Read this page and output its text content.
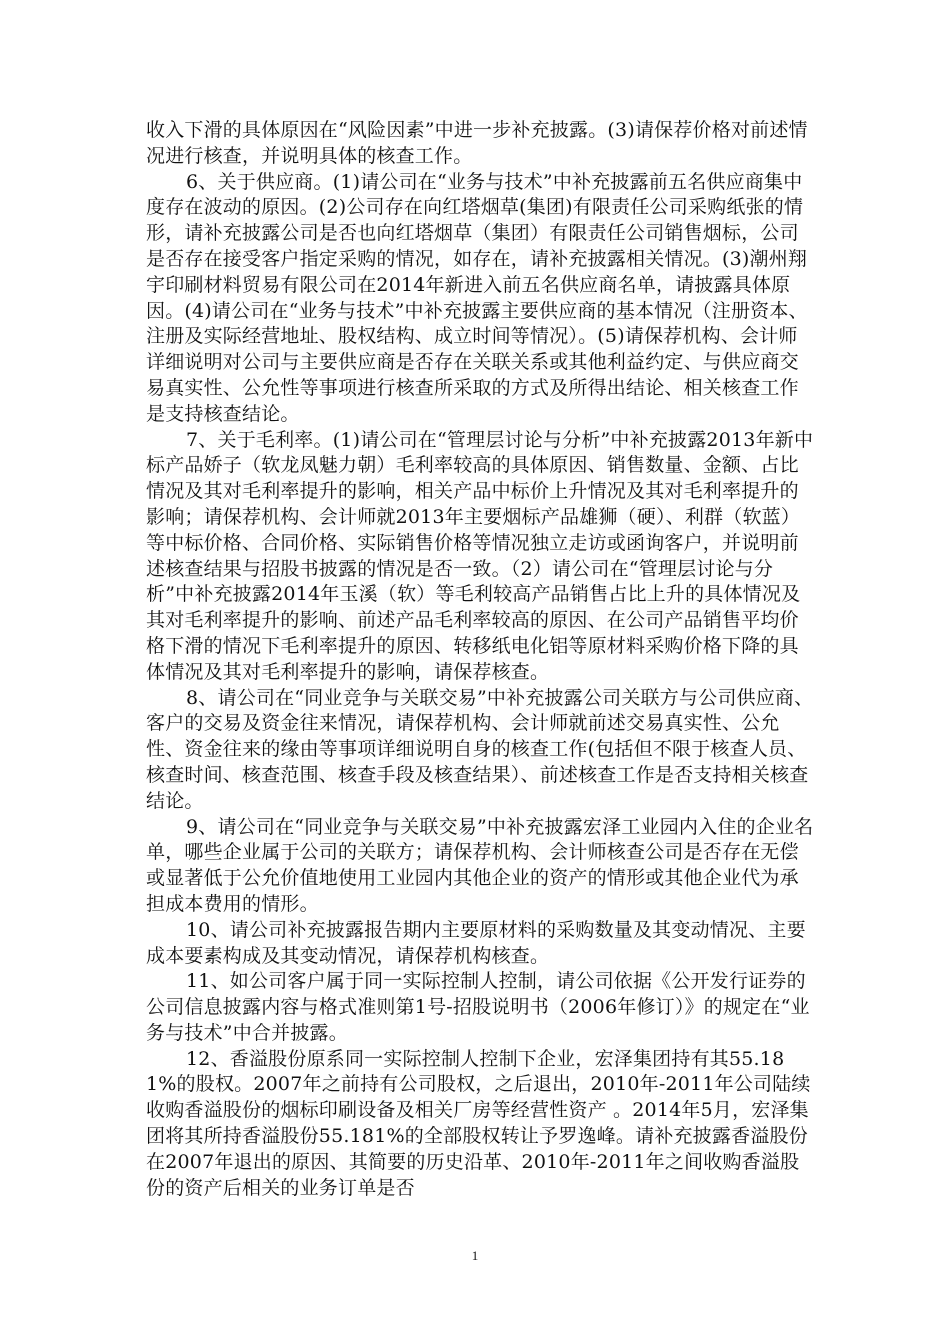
收入下滑的具体原因在“风险因素”中进一步补充披露。(3)请保荐价格对前述情况进行核查，并说明具体的核查工作。

6、关于供应商。(1)请公司在“业务与技术”中补充披露前五名供应商集中度存在波动的原因。(2)公司存在向红塔烟草(集团)有限责任公司采购纸张的情形，请补充披露公司是否也向红塔烟草（集团）有限责任公司销售烟标，公司是否存在接受客户指定采购的情况，如存在，请补充披露相关情况。(3)潮州翔宇印刷材料贸易有限公司在2014年新进入前五名供应商名单，请披露具体原因。(4)请公司在“业务与技术”中补充披露主要供应商的基本情况（注册资本、注册及实际经营地址、股权结构、成立时间等情况）。(5)请保荐机构、会计师详细说明对公司与主要供应商是否存在关联关系或其他利益约定、与供应商交易真实性、公允性等事项进行核查所采取的方式及所得出结论、相关核查工作是支持核查结论。

7、关于毛利率。(1)请公司在“管理层讨论与分析”中补充披露2013年新中标产品娇子（软龙凤魅力朝）毛利率较高的具体原因、销售数量、金额、占比情况及其对毛利率提升的影响，相关产品中标价上升情况及其对毛利率提升的影响；请保荐机构、会计师就2013年主要烟标产品雄狮（硬）、利群（软蓝）等中标价格、合同价格、实际销售价格等情况独立走访或函询客户，并说明前述核查结果与招股书披露的情况是否一致。（2）请公司在“管理层讨论与分析”中补充披露2014年玉溪（软）等毛利较高产品销售占比上升的具体情况及其对毛利率提升的影响、前述产品毛利率较高的原因、在公司产品销售平均价格下滑的情况下毛利率提升的原因、转移纸电化铝等原材料采购价格下降的具体情况及其对毛利率提升的影响，请保荐核查。

8、请公司在“同业竞争与关联交易”中补充披露公司关联方与公司供应商、客户的交易及资金往来情况，请保荐机构、会计师就前述交易真实性、公允性、资金往来的缘由等事项详细说明自身的核查工作(包括但不限于核查人员、核查时间、核查范围、核查手段及核查结果）、前述核查工作是否支持相关核查结论。

9、请公司在“同业竞争与关联交易”中补充披露宏泽工业园内入住的企业名单，哪些企业属于公司的关联方；请保荐机构、会计师核查公司是否存在无偿或显著低于公允价值地使用工业园内其他企业的资产的情形或其他企业代为承担成本费用的情形。

10、请公司补充披露报告期内主要原材料的采购数量及其变动情况、主要成本要素构成及其变动情况，请保荐机构核查。

11、如公司客户属于同一实际控制人控制，请公司依据《公开发行证券的公司信息披露内容与格式准则第1号-招股说明书（2006年修订）》的规定在“业务与技术”中合并披露。

12、香溢股份原系同一实际控制人控制下企业，宏泽集团持有其55.181%的股权。2007年之前持有公司股权，之后退出，2010年-2011年公司陆续收购香溢股份的烟标印刷设备及相关厂房等经营性资产 。2014年5月，宏泽集团将其所持香溢股份55.181%的全部股权转让予罗逸峰。请补充披露香溢股份在2007年退出的原因、其简要的历史沿革、2010年-2011年之间收购香溢股份的资产后相关的业务订单是否

1
